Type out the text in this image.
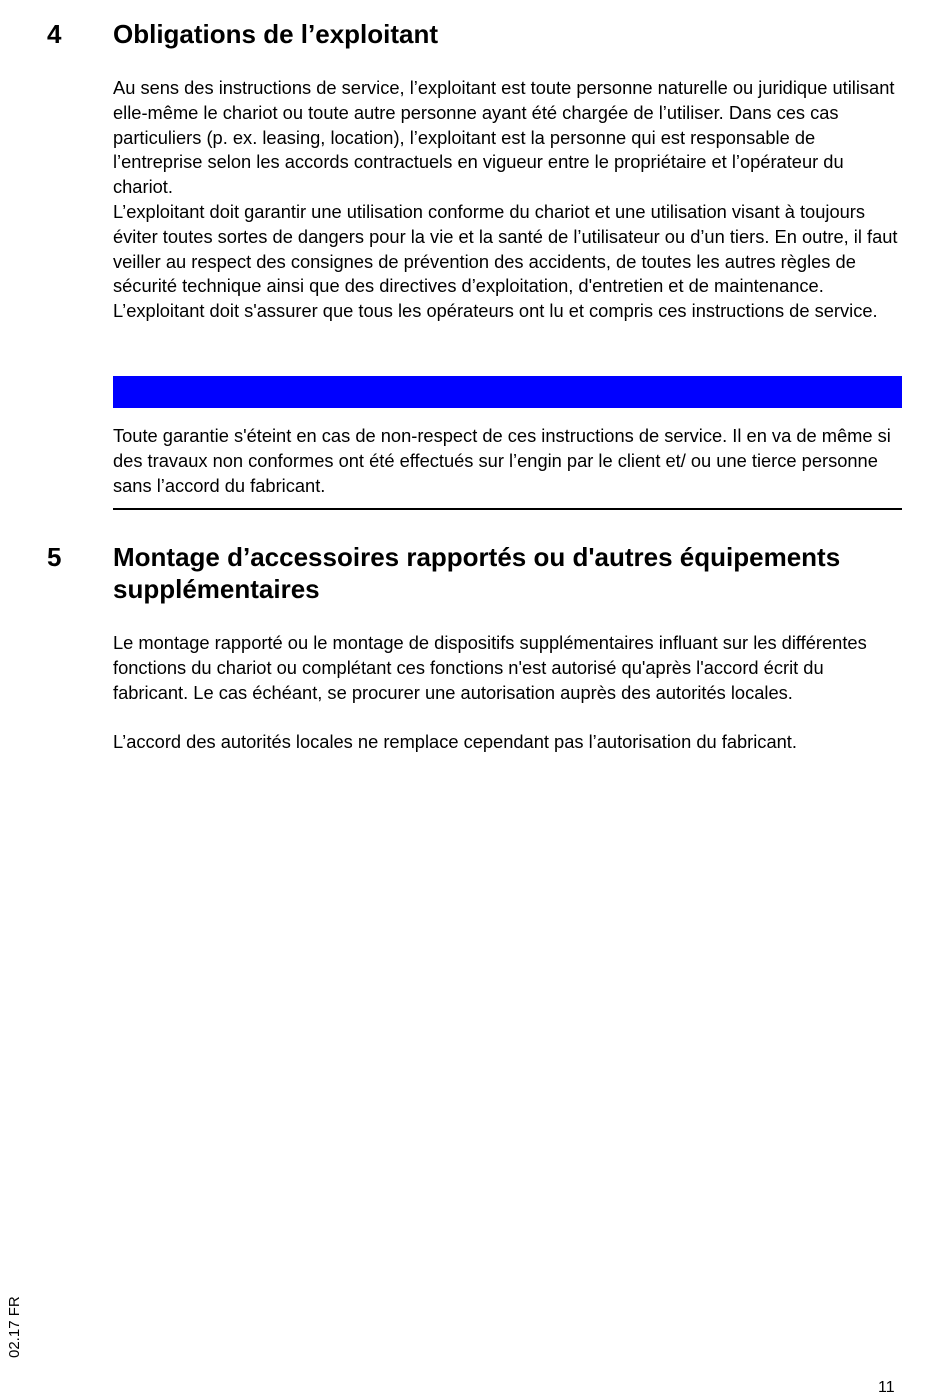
4 Obligations de l’exploitant

Au sens des instructions de service, l’exploitant est toute personne naturelle ou juridique utilisant elle-même le chariot ou toute autre personne ayant été chargée de l’utiliser. Dans ces cas particuliers (p. ex. leasing, location), l’exploitant est la personne qui est responsable de l’entreprise selon les accords contractuels en vigueur entre le propriétaire et l’opérateur du chariot.

L’exploitant doit garantir une utilisation conforme du chariot et une utilisation visant à toujours éviter toutes sortes de dangers pour la vie et la santé de l’utilisateur ou d’un tiers. En outre, il faut veiller au respect des consignes de prévention des accidents, de toutes les autres règles de sécurité technique ainsi que des directives d’exploitation, d'entretien et de maintenance. L’exploitant doit s'assurer que tous les opérateurs ont lu et compris ces instructions de service.

Toute garantie s'éteint en cas de non-respect de ces instructions de service. Il en va de même si des travaux non conformes ont été effectués sur l’engin par le client et/ ou une tierce personne sans l’accord du fabricant.

5 Montage d’accessoires rapportés ou d'autres équipements supplémentaires

Le montage rapporté ou le montage de dispositifs supplémentaires influant sur les différentes fonctions du chariot ou complétant ces fonctions n'est autorisé qu'après l'accord écrit du fabricant. Le cas échéant, se procurer une autorisation auprès des autorités locales.

L’accord des autorités locales ne remplace cependant pas l’autorisation du fabricant.

02.17 FR
11
